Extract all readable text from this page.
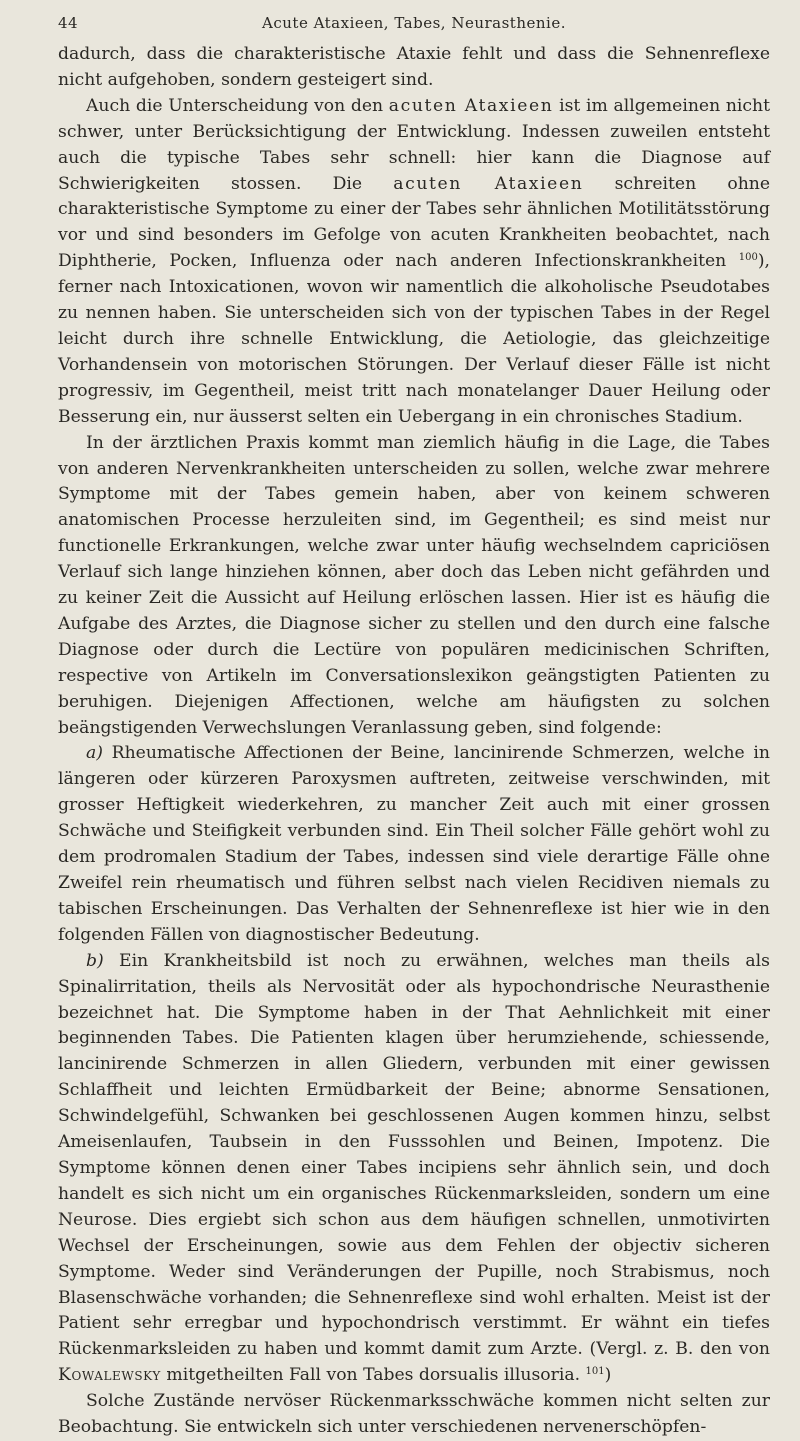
44	Acute Ataxieen, Tabes, Neurasthenie.

dadurch, dass die charakteristische Ataxie fehlt und dass die Sehnenreflexe nicht aufgehoben, sondern gesteigert sind.

Auch die Unterscheidung von den acuten Ataxieen ist im allgemeinen nicht schwer, unter Berücksichtigung der Entwicklung. Indessen zuweilen entsteht auch die typische Tabes sehr schnell: hier kann die Diagnose auf Schwierigkeiten stossen. Die acuten Ataxieen schreiten ohne charakteristische Symptome zu einer der Tabes sehr ähnlichen Motilitätsstörung vor und sind besonders im Gefolge von acuten Krankheiten beobachtet, nach Diphtherie, Pocken, Influenza oder nach anderen Infectionskrankheiten $^{100}$), ferner nach Intoxicationen, wovon wir namentlich die alkoholische Pseudotabes zu nennen haben. Sie unterscheiden sich von der typischen Tabes in der Regel leicht durch ihre schnelle Entwicklung, die Aetiologie, das gleichzeitige Vorhandensein von motorischen Störungen. Der Verlauf dieser Fälle ist nicht progressiv, im Gegentheil, meist tritt nach monatelanger Dauer Heilung oder Besserung ein, nur äusserst selten ein Uebergang in ein chronisches Stadium.

In der ärztlichen Praxis kommt man ziemlich häufig in die Lage, die Tabes von anderen Nervenkrankheiten unterscheiden zu sollen, welche zwar mehrere Symptome mit der Tabes gemein haben, aber von keinem schweren anatomischen Processe herzuleiten sind, im Gegentheil; es sind meist nur functionelle Erkrankungen, welche zwar unter häufig wechselndem capriciösen Verlauf sich lange hinziehen können, aber doch das Leben nicht gefährden und zu keiner Zeit die Aussicht auf Heilung erlöschen lassen. Hier ist es häufig die Aufgabe des Arztes, die Diagnose sicher zu stellen und den durch eine falsche Diagnose oder durch die Lectüre von populären medicinischen Schriften, respective von Artikeln im Conversationslexikon geängstigten Patienten zu beruhigen. Diejenigen Affectionen, welche am häufigsten zu solchen beängstigenden Verwechslungen Veranlassung geben, sind folgende:

a) Rheumatische Affectionen der Beine, lancinirende Schmerzen, welche in längeren oder kürzeren Paroxysmen auftreten, zeitweise verschwinden, mit grosser Heftigkeit wiederkehren, zu mancher Zeit auch mit einer grossen Schwäche und Steifigkeit verbunden sind. Ein Theil solcher Fälle gehört wohl zu dem prodromalen Stadium der Tabes, indessen sind viele derartige Fälle ohne Zweifel rein rheumatisch und führen selbst nach vielen Recidiven niemals zu tabischen Erscheinungen. Das Verhalten der Sehnenreflexe ist hier wie in den folgenden Fällen von diagnostischer Bedeutung.

b) Ein Krankheitsbild ist noch zu erwähnen, welches man theils als Spinalirritation, theils als Nervosität oder als hypochondrische Neurasthenie bezeichnet hat. Die Symptome haben in der That Aehnlichkeit mit einer beginnenden Tabes. Die Patienten klagen über herumziehende, schiessende, lancinirende Schmerzen in allen Gliedern, verbunden mit einer gewissen Schlaffheit und leichten Ermüdbarkeit der Beine; abnorme Sensationen, Schwindelgefühl, Schwanken bei geschlossenen Augen kommen hinzu, selbst Ameisenlaufen, Taubsein in den Fusssohlen und Beinen, Impotenz. Die Symptome können denen einer Tabes incipiens sehr ähnlich sein, und doch handelt es sich nicht um ein organisches Rückenmarksleiden, sondern um eine Neurose. Dies ergiebt sich schon aus dem häufigen schnellen, unmotivirten Wechsel der Erscheinungen, sowie aus dem Fehlen der objectiv sicheren Symptome. Weder sind Veränderungen der Pupille, noch Strabismus, noch Blasenschwäche vorhanden; die Sehnenreflexe sind wohl erhalten. Meist ist der Patient sehr erregbar und hypochondrisch verstimmt. Er wähnt ein tiefes Rückenmarksleiden zu haben und kommt damit zum Arzte. (Vergl. z. B. den von Kowalewsky mitgetheilten Fall von Tabes dorsualis illusoria. $^{101}$)

Solche Zustände nervöser Rückenmarksschwäche kommen nicht selten zur Beobachtung. Sie entwickeln sich unter verschiedenen nervenerschöpfen-
